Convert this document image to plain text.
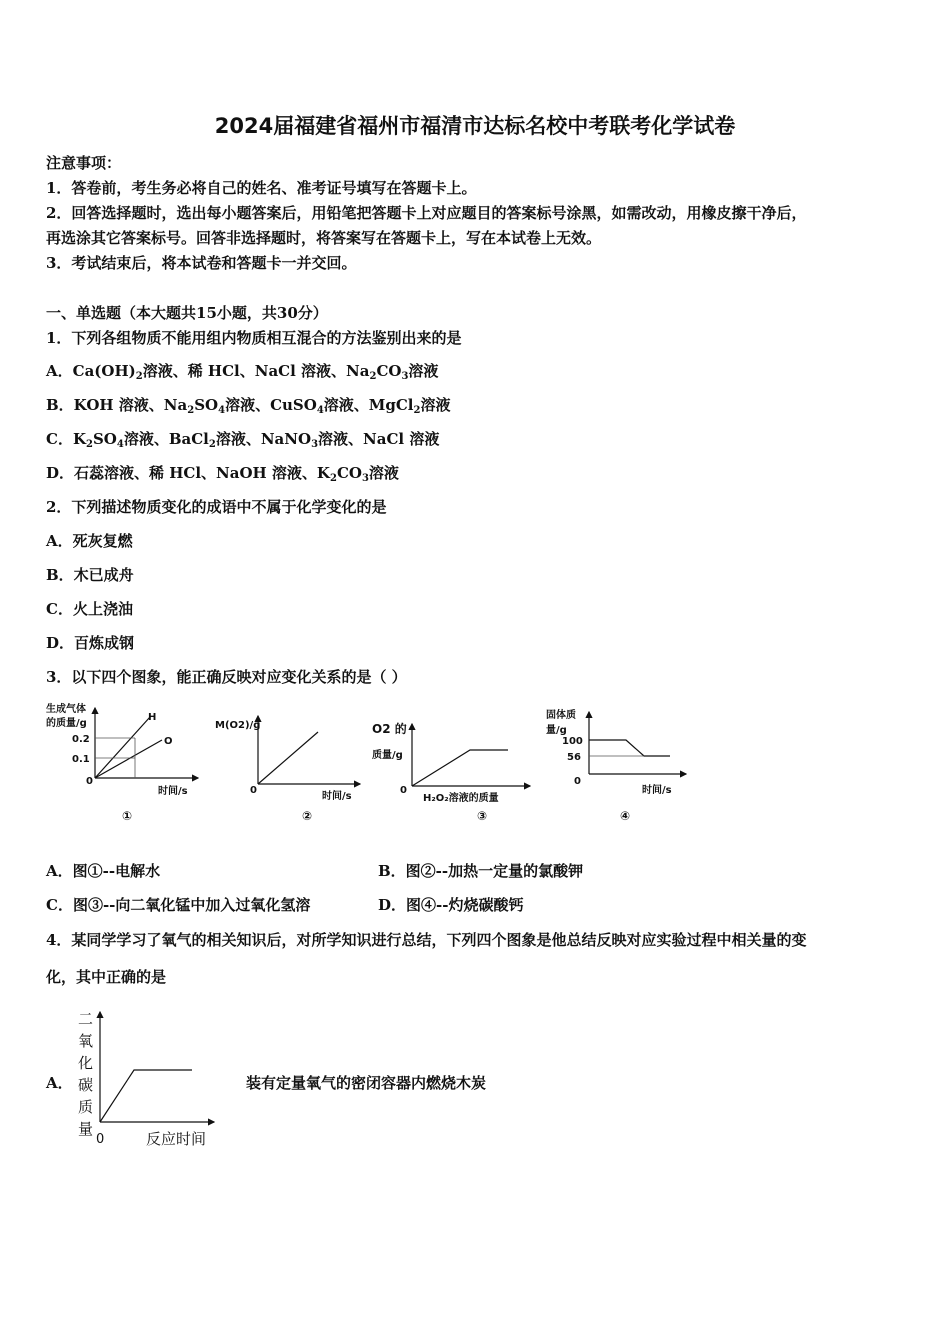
2024届福建省福州市福清市达标名校中考联考化学试卷
注意事项：
1．答卷前，考生务必将自己的姓名、准考证号填写在答题卡上。
2．回答选择题时，选出每小题答案后，用铅笔把答题卡上对应题目的答案标号涂黑，如需改动，用橡皮擦干净后，
再选涂其它答案标号。回答非选择题时，将答案写在答题卡上，写在本试卷上无效。
3．考试结束后，将本试卷和答题卡一并交回。
一、单选题（本大题共15小题，共30分）
1．下列各组物质不能用组内物质相互混合的方法鉴别出来的是
A．$Ca(OH)_2$溶液、稀 HCl、NaCl 溶液、$Na_2CO_3$溶液
B．KOH 溶液、$Na_2SO_4$溶液、CuSO$_4$溶液、MgCl$_2$溶液
C．$K_2SO_4$溶液、BaCl$_2$溶液、NaNO$_3$溶液、NaCl 溶液
D．石蕊溶液、稀 HCl、NaOH 溶液、$K_2CO_3$溶液
2．下列描述物质变化的成语中不属于化学变化的是
A．死灰复燃
B．木已成舟
C．火上浇油
D．百炼成钢
3．以下四个图象，能正确反映对应变化关系的是（ ）
生成气体
的质量/g
0.2
0.1
0
H
O
时间/s
①
M(O2)/g
0
时间/s
②
O2 的
质量/g
0
H₂O₂溶液的质量
③
固体质
量/g
100
56
0
时间/s
④
A．图①--电解水	B．图②--加热一定量的氯酸钾
C．图③--向二氧化锰中加入过氧化氢溶	D．图④--灼烧碳酸钙
4．某同学学习了氧气的相关知识后，对所学知识进行总结，下列四个图象是他总结反映对应实验过程中相关量的变
化，其中正确的是
A．
二
氧
化
碳
质
量
0	反应时间
装有定量氧气的密闭容器内燃烧木炭
